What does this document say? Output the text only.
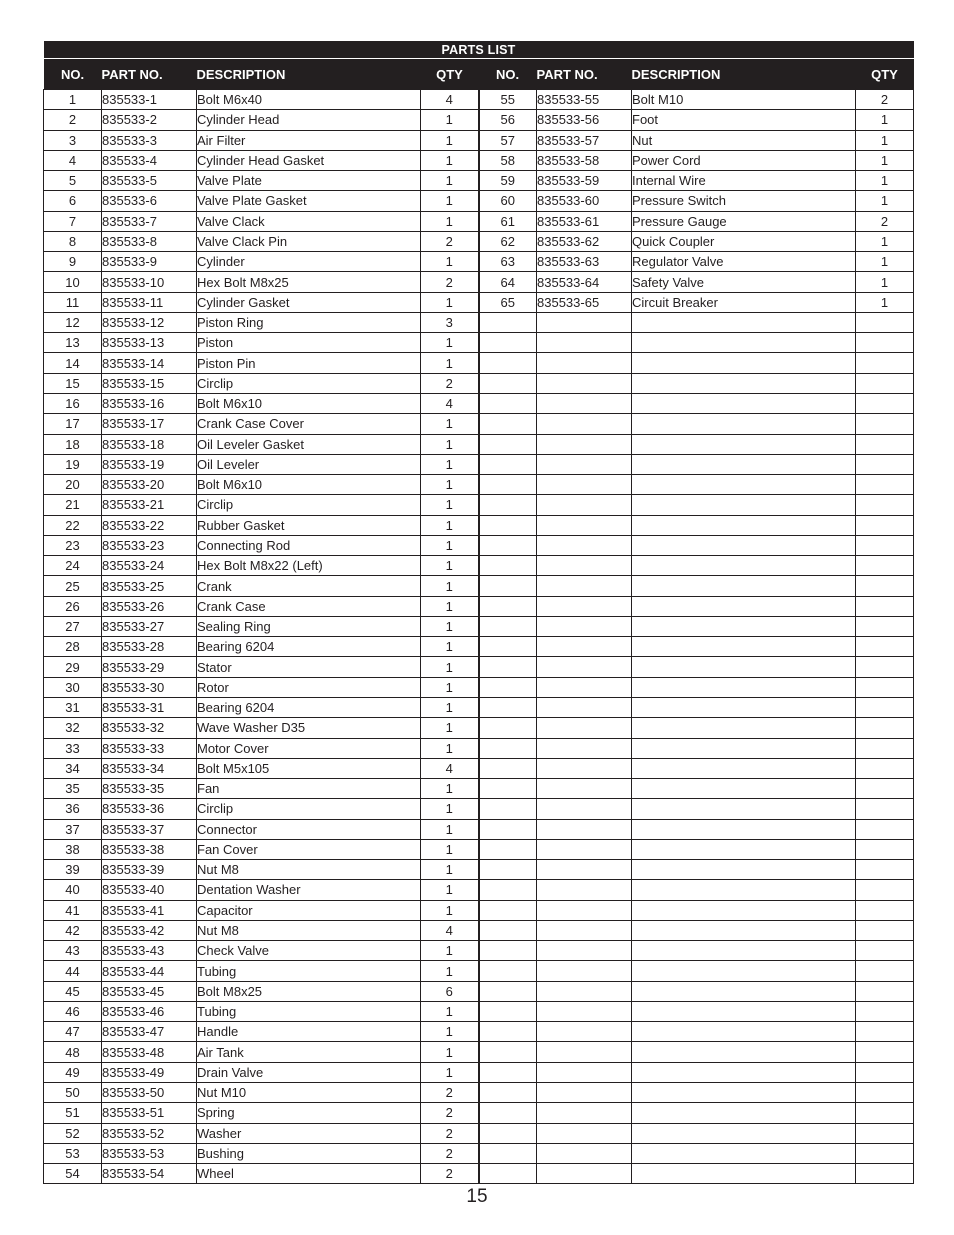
PARTS LIST							
NO.	PART NO.	DESCRIPTION	QTY	NO.	PART NO.	DESCRIPTION	QTY
1	835533-1	Bolt M6x40	4	55	835533-55	Bolt M10	2
2	835533-2	Cylinder Head	1	56	835533-56	Foot	1
3	835533-3	Air Filter	1	57	835533-57	Nut	1
4	835533-4	Cylinder Head Gasket	1	58	835533-58	Power Cord	1
5	835533-5	Valve Plate	1	59	835533-59	Internal Wire	1
6	835533-6	Valve Plate Gasket	1	60	835533-60	Pressure Switch	1
7	835533-7	Valve Clack	1	61	835533-61	Pressure Gauge	2
8	835533-8	Valve Clack Pin	2	62	835533-62	Quick Coupler	1
9	835533-9	Cylinder	1	63	835533-63	Regulator Valve	1
10	835533-10	Hex Bolt M8x25	2	64	835533-64	Safety Valve	1
11	835533-11	Cylinder Gasket	1	65	835533-65	Circuit Breaker	1
12	835533-12	Piston Ring	3				
13	835533-13	Piston	1				
14	835533-14	Piston Pin	1				
15	835533-15	Circlip	2				
16	835533-16	Bolt M6x10	4				
17	835533-17	Crank Case Cover	1				
18	835533-18	Oil Leveler Gasket	1				
19	835533-19	Oil Leveler	1				
20	835533-20	Bolt M6x10	1				
21	835533-21	Circlip	1				
22	835533-22	Rubber Gasket	1				
23	835533-23	Connecting Rod	1				
24	835533-24	Hex Bolt M8x22 (Left)	1				
25	835533-25	Crank	1				
26	835533-26	Crank Case	1				
27	835533-27	Sealing Ring	1				
28	835533-28	Bearing 6204	1				
29	835533-29	Stator	1				
30	835533-30	Rotor	1				
31	835533-31	Bearing 6204	1				
32	835533-32	Wave Washer D35	1				
33	835533-33	Motor Cover	1				
34	835533-34	Bolt M5x105	4				
35	835533-35	Fan	1				
36	835533-36	Circlip	1				
37	835533-37	Connector	1				
38	835533-38	Fan Cover	1				
39	835533-39	Nut M8	1				
40	835533-40	Dentation Washer	1				
41	835533-41	Capacitor	1				
42	835533-42	Nut M8	4				
43	835533-43	Check Valve	1				
44	835533-44	Tubing	1				
45	835533-45	Bolt M8x25	6				
46	835533-46	Tubing	1				
47	835533-47	Handle	1				
48	835533-48	Air Tank	1				
49	835533-49	Drain Valve	1				
50	835533-50	Nut M10	2				
51	835533-51	Spring	2				
52	835533-52	Washer	2				
53	835533-53	Bushing	2				
54	835533-54	Wheel	2				
15
